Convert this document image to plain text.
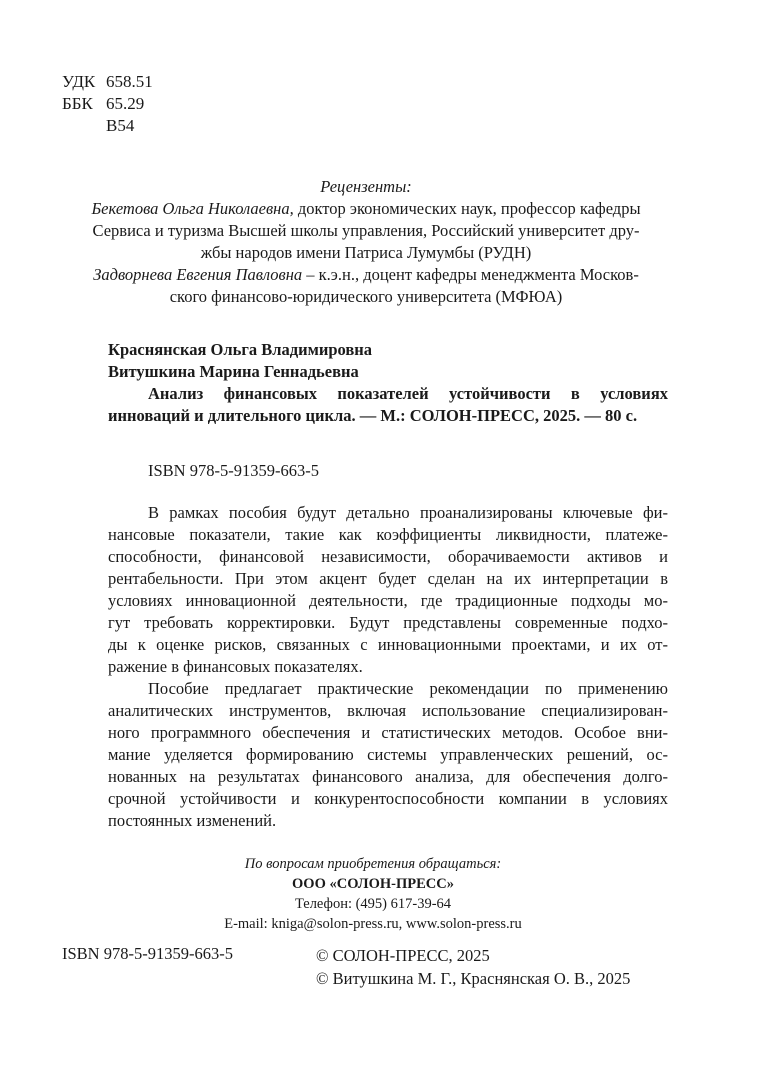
УДК 658.51
ББК 65.29
В54
Рецензенты:
Бекетова Ольга Николаевна, доктор экономических наук, профессор кафедры
Сервиса и туризма Высшей школы управления, Российский университет дру-
жбы народов имени Патриса Лумумбы (РУДН)
Задворнева Евгения Павловна – к.э.н., доцент кафедры менеджмента Москов-
ского финансово-юридического университета (МФЮА)
Краснянская Ольга Владимировна
Витушкина Марина Геннадьевна
Анализ финансовых показателей устойчивости в условиях инноваций и длительного цикла. — М.: СОЛОН-ПРЕСС, 2025. — 80 с.
ISBN 978-5-91359-663-5
В рамках пособия будут детально проанализированы ключевые фи-
нансовые показатели, такие как коэффициенты ликвидности, платеже-
способности, финансовой независимости, оборачиваемости активов и
рентабельности. При этом акцент будет сделан на их интерпретации в
условиях инновационной деятельности, где традиционные подходы мо-
гут требовать корректировки. Будут представлены современные подхо-
ды к оценке рисков, связанных с инновационными проектами, и их от-
ражение в финансовых показателях.
Пособие предлагает практические рекомендации по применению
аналитических инструментов, включая использование специализирован-
ного программного обеспечения и статистических методов. Особое вни-
мание уделяется формированию системы управленческих решений, ос-
нованных на результатах финансового анализа, для обеспечения долго-
срочной устойчивости и конкурентоспособности компании в условиях
постоянных изменений.
По вопросам приобретения обращаться:
ООО «СОЛОН-ПРЕСС»
Телефон: (495) 617-39-64
E-mail: kniga@solon-press.ru, www.solon-press.ru
ISBN 978-5-91359-663-5	© СОЛОН-ПРЕСС, 2025
© Витушкина М. Г., Краснянская О. В., 2025
